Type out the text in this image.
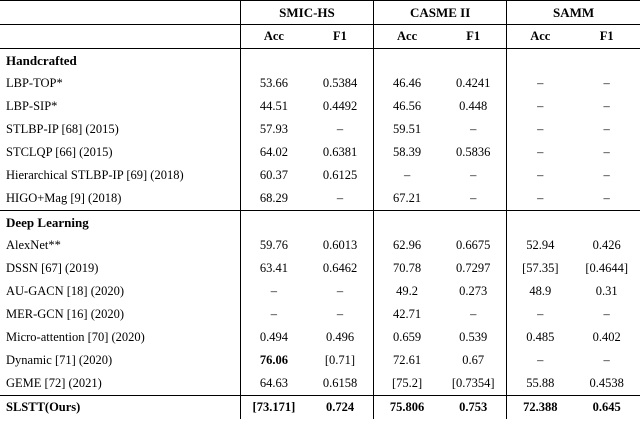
SMIC-HS		CASME II		SAMM	

Acc	F1	Acc	F1	Acc	F1

Handcrafted						

LBP-TOP*	53.66	0.5384	46.46	0.4241	–	–

LBP-SIP*	44.51	0.4492	46.56	0.448	–	–

STLBP-IP [68] (2015)	57.93	–	59.51	–	–	–

STCLQP [66] (2015)	64.02	0.6381	58.39	0.5836	–	–

Hierarchical STLBP-IP [69] (2018)	60.37	0.6125	–	–	–	–

HIGO+Mag [9] (2018)	68.29	–	67.21	–	–	–

Deep Learning						

AlexNet**	59.76	0.6013	62.96	0.6675	52.94	0.426

DSSN [67] (2019)	63.41	0.6462	70.78	0.7297	[57.35]	[0.4644]

AU-GACN [18] (2020)	–	–	49.2	0.273	48.9	0.31

MER-GCN [16] (2020)	–	–	42.71	–	–	–

Micro-attention [70] (2020)	0.494	0.496	0.659	0.539	0.485	0.402

Dynamic [71] (2020)	76.06	[0.71]	72.61	0.67	–	–

GEME [72] (2021)	64.63	0.6158	[75.2]	[0.7354]	55.88	0.4538

SLSTT(Ours)	[73.171]	0.724	75.806	0.753	72.388	0.645
